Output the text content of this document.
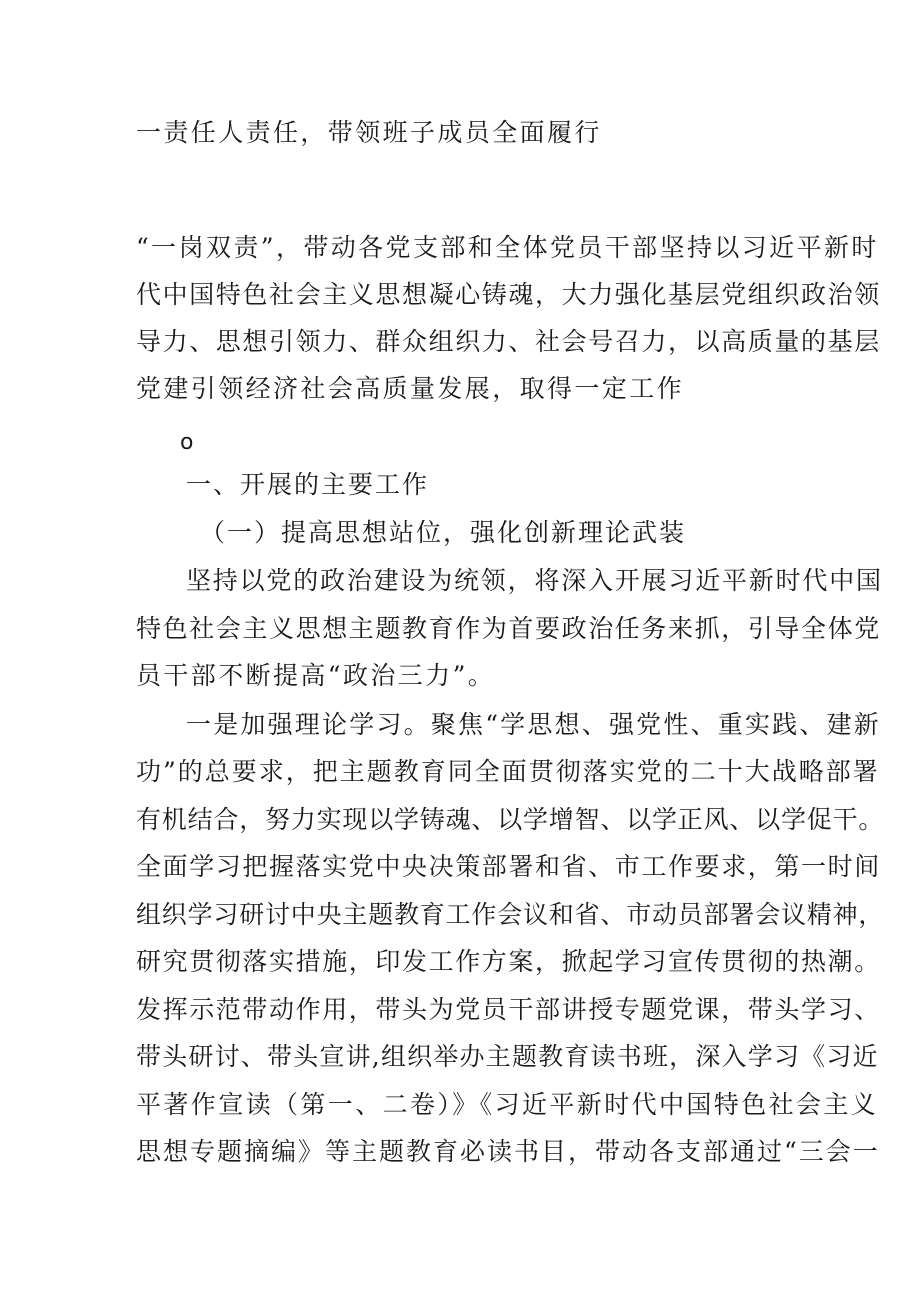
一责任人责任，带领班子成员全面履行
“一岗双责”，带动各党支部和全体党员干部坚持以习近平新时
代中国特色社会主义思想凝心铸魂，大力强化基层党组织政治领
导力、思想引领力、群众组织力、社会号召力，以高质量的基层
党建引领经济社会高质量发展，取得一定工作
o
一、开展的主要工作
（一）提高思想站位，强化创新理论武装
坚持以党的政治建设为统领，将深入开展习近平新时代中国
特色社会主义思想主题教育作为首要政治任务来抓，引导全体党
员干部不断提高“政治三力”。
一是加强理论学习。聚焦“学思想、强党性、重实践、建新
功”的总要求，把主题教育同全面贯彻落实党的二十大战略部署
有机结合，努力实现以学铸魂、以学增智、以学正风、以学促干。
全面学习把握落实党中央决策部署和省、市工作要求，第一时间
组织学习研讨中央主题教育工作会议和省、市动员部署会议精神，
研究贯彻落实措施，印发工作方案，掀起学习宣传贯彻的热潮。
发挥示范带动作用，带头为党员干部讲授专题党课，带头学习、
带头研讨、带头宣讲,组织举办主题教育读书班，深入学习《习近
平著作宣读（第一、二卷）》《习近平新时代中国特色社会主义
思想专题摘编》等主题教育必读书目，带动各支部通过“三会一
